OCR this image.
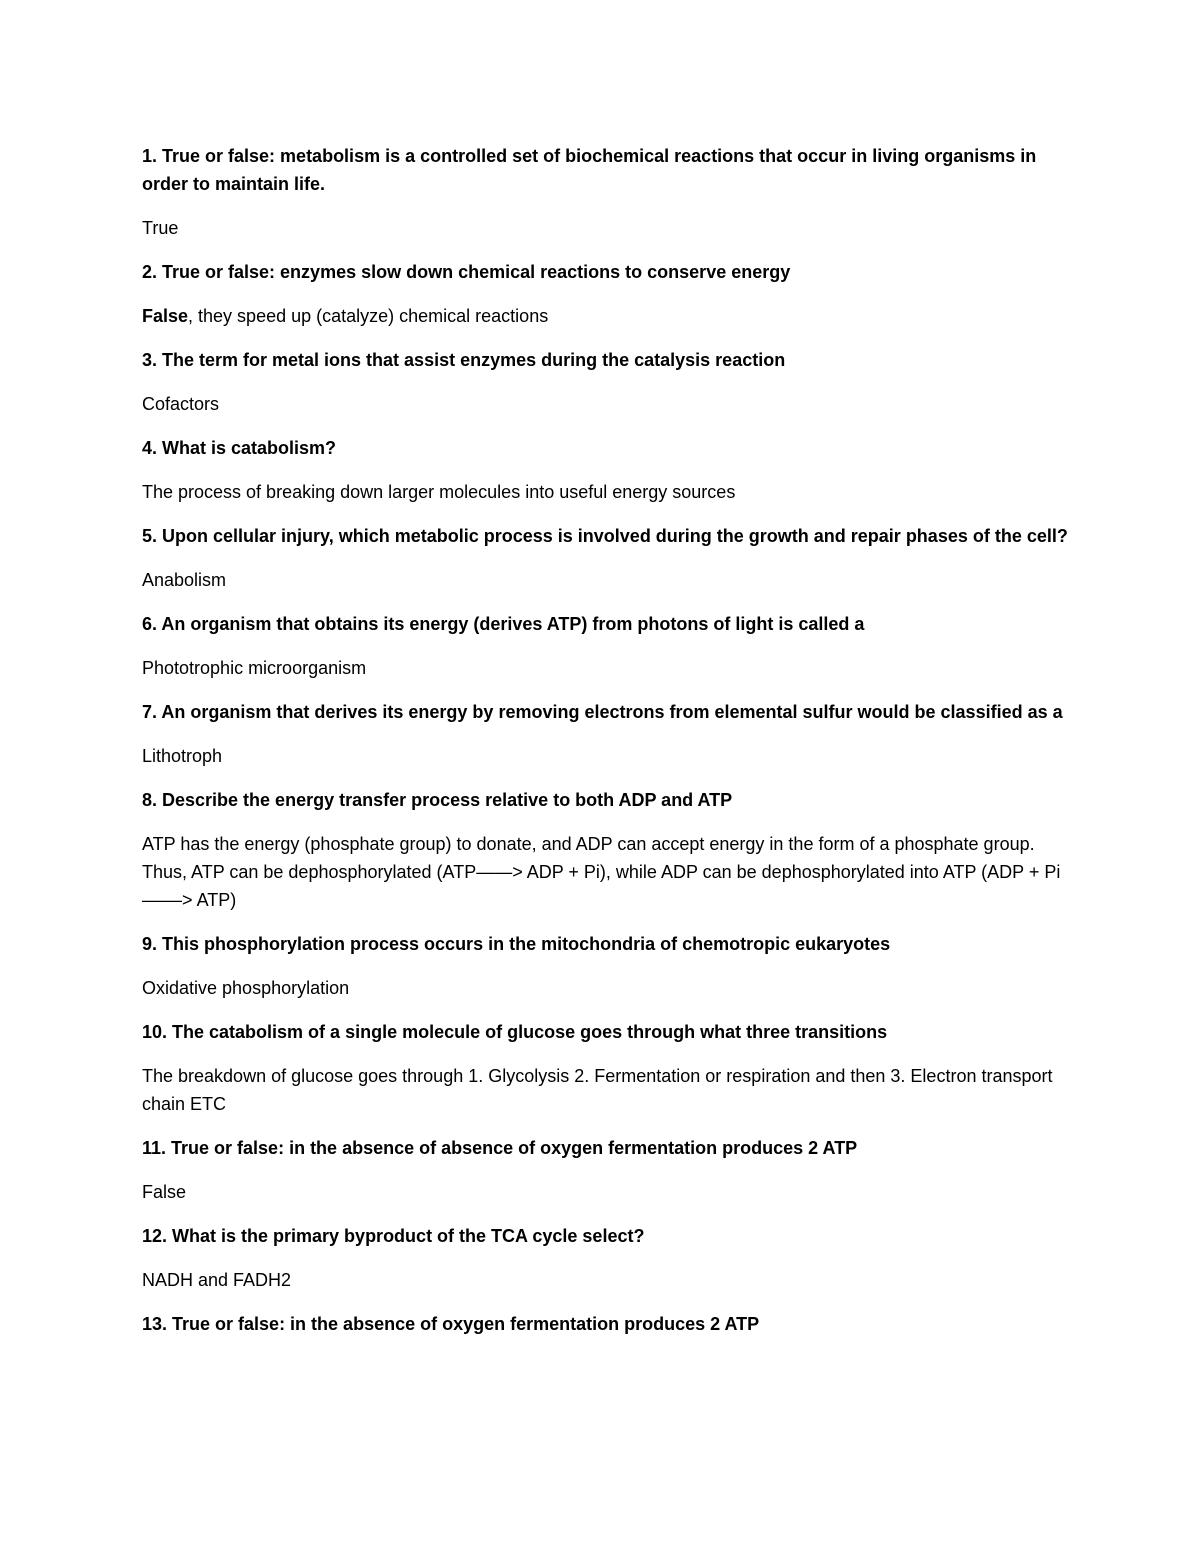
1. True or false: metabolism is a controlled set of biochemical reactions that occur in living organisms in order to maintain life.

True

2. True or false: enzymes slow down chemical reactions to conserve energy

False, they speed up (catalyze) chemical reactions

3. The term for metal ions that assist enzymes during the catalysis reaction

Cofactors

4. What is catabolism?

The process of breaking down larger molecules into useful energy sources

5. Upon cellular injury, which metabolic process is involved during the growth and repair phases of the cell?

Anabolism

6. An organism that obtains its energy (derives ATP) from photons of light is called a

Phototrophic microorganism

7. An organism that derives its energy by removing electrons from elemental sulfur would be classified as a

Lithotroph

8. Describe the energy transfer process relative to both ADP and ATP

ATP has the energy (phosphate group) to donate, and ADP can accept energy in the form of a phosphate group. Thus, ATP can be dephosphorylated (ATP——> ADP + Pi), while ADP can be dephosphorylated into ATP (ADP + Pi ––––> ATP)

9. This phosphorylation process occurs in the mitochondria of chemotropic eukaryotes

Oxidative phosphorylation

10. The catabolism of a single molecule of glucose goes through what three transitions

The breakdown of glucose goes through 1. Glycolysis 2. Fermentation or respiration and then 3. Electron transport chain ETC

11. True or false: in the absence of absence of oxygen fermentation produces 2 ATP

False

12. What is the primary byproduct of the TCA cycle select?

NADH and FADH2

13. True or false: in the absence of oxygen fermentation produces 2 ATP
